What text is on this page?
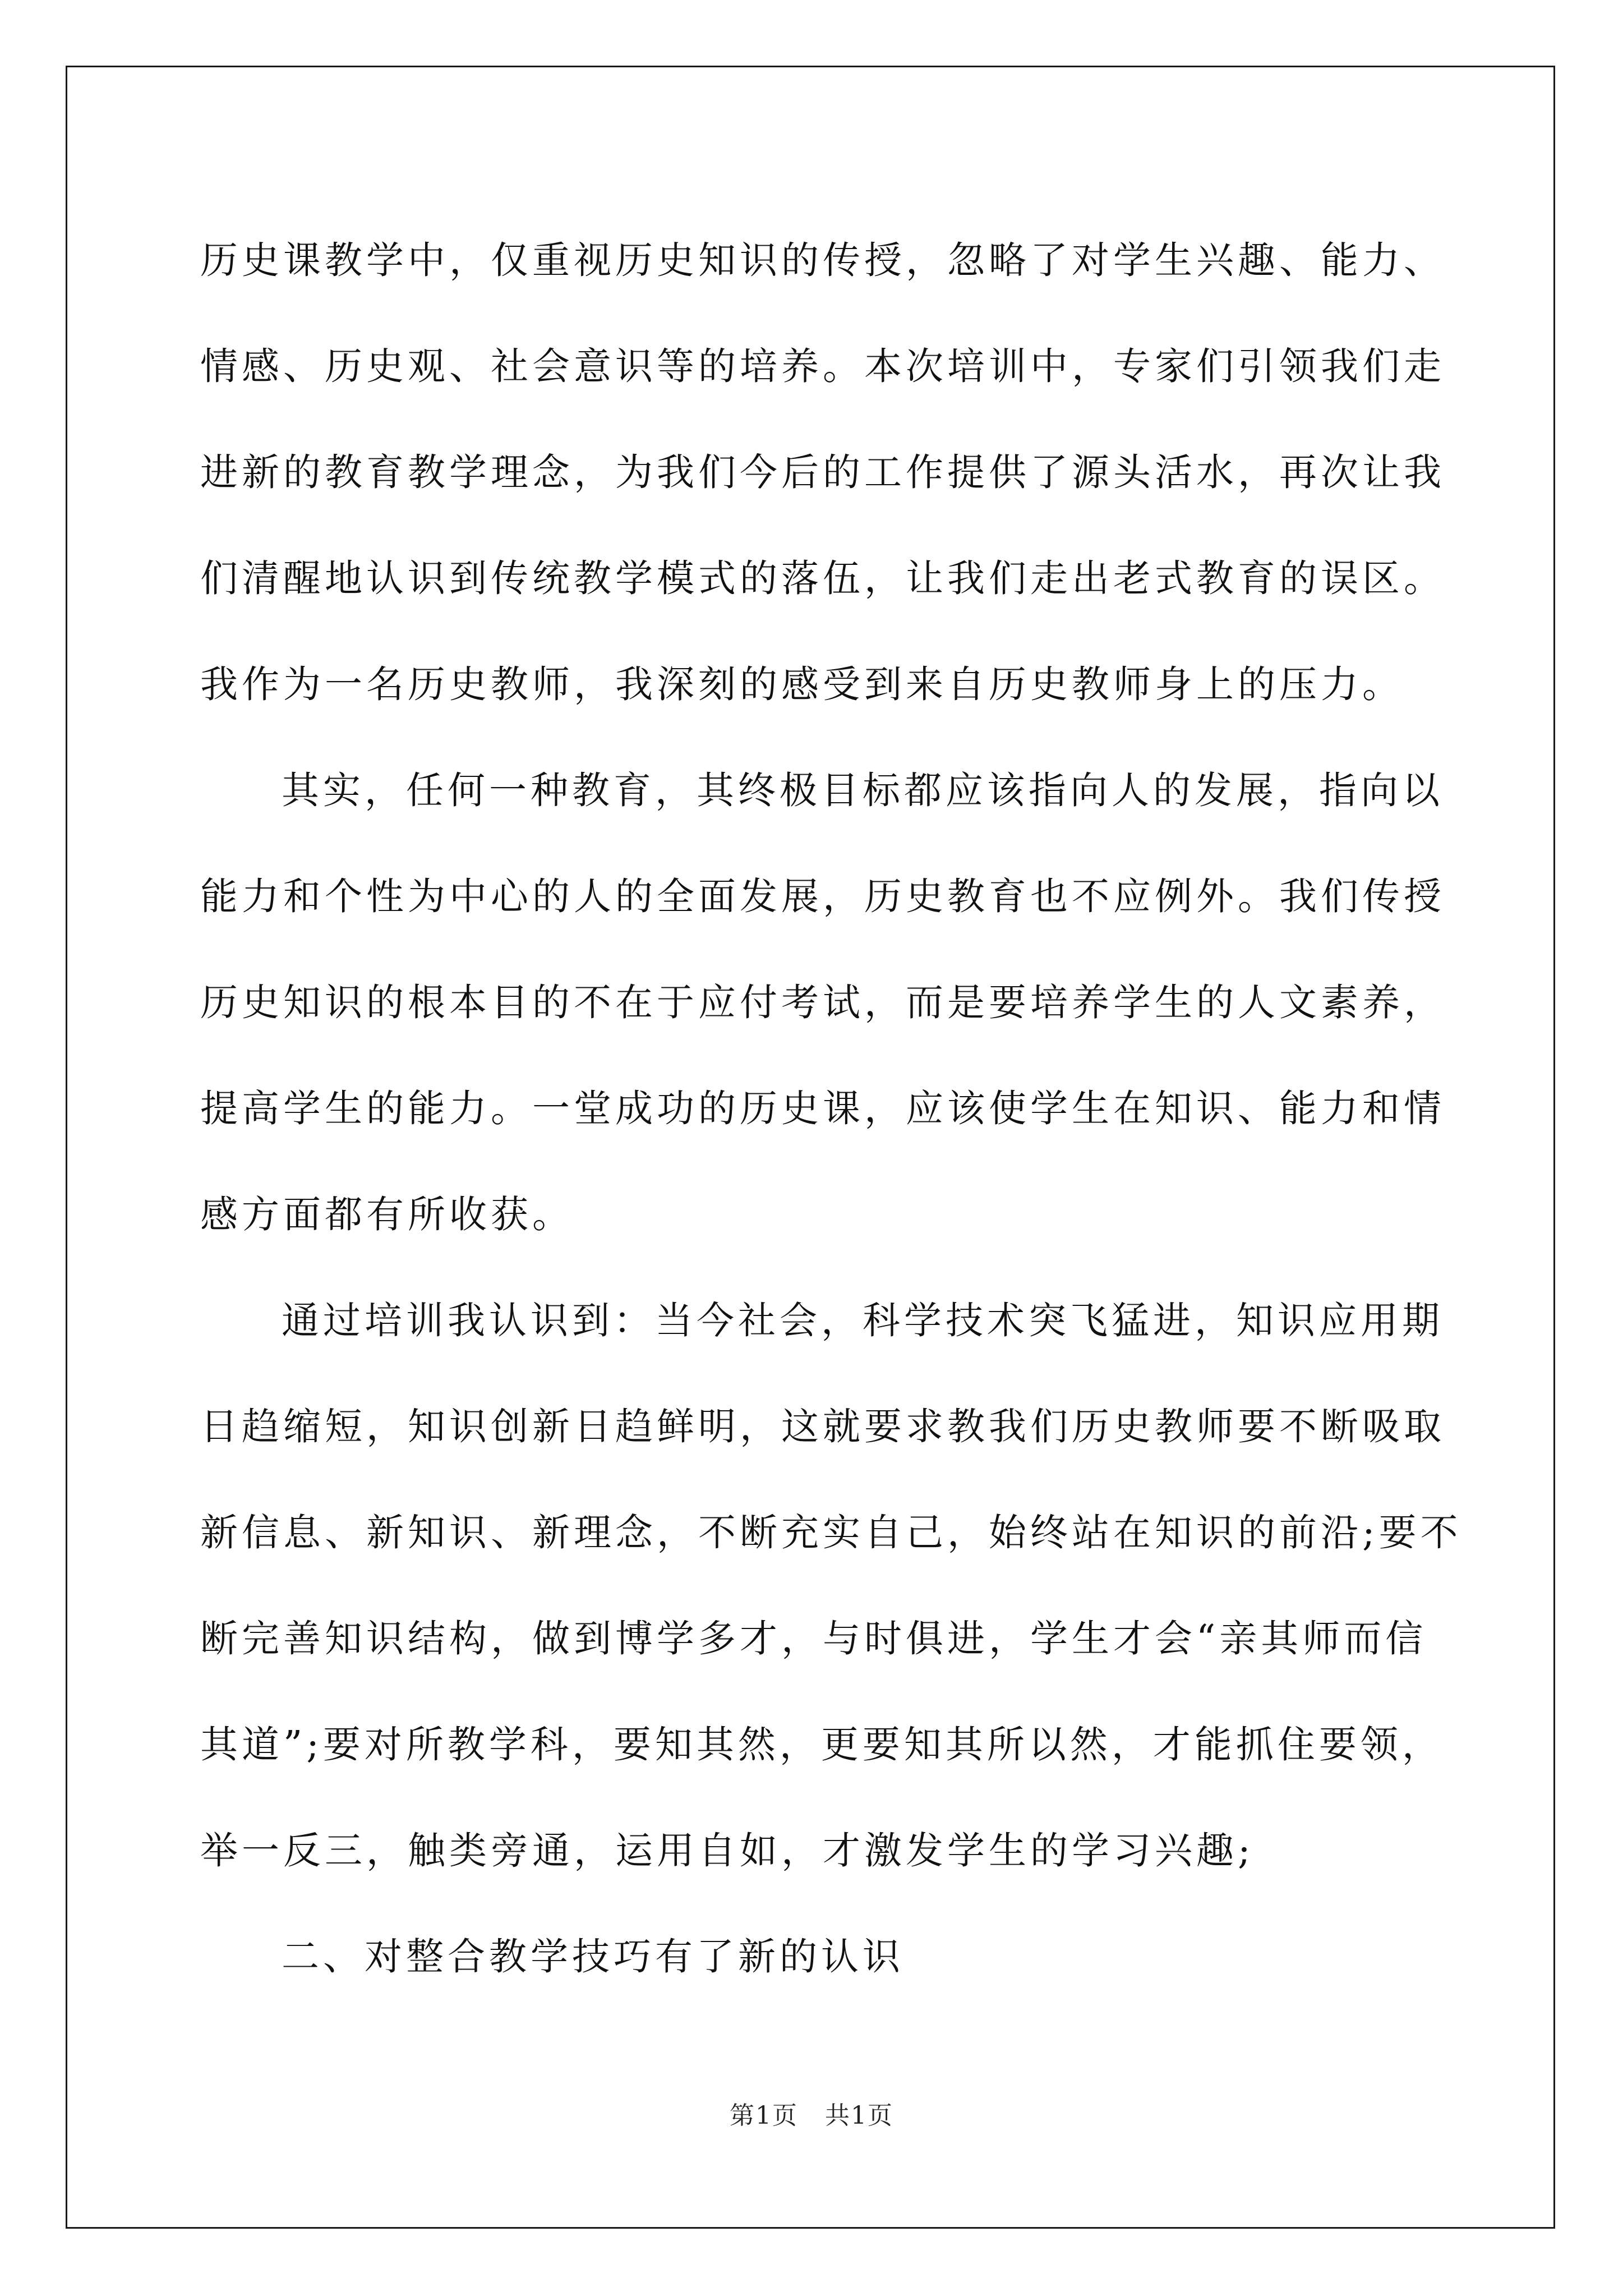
历史课教学中，仅重视历史知识的传授，忽略了对学生兴趣、能力、
情感、历史观、社会意识等的培养。本次培训中，专家们引领我们走
进新的教育教学理念，为我们今后的工作提供了源头活水，再次让我
们清醒地认识到传统教学模式的落伍，让我们走出老式教育的误区。
我作为一名历史教师，我深刻的感受到来自历史教师身上的压力。
其实，任何一种教育，其终极目标都应该指向人的发展，指向以
能力和个性为中心的人的全面发展，历史教育也不应例外。我们传授
历史知识的根本目的不在于应付考试，而是要培养学生的人文素养，
提高学生的能力。一堂成功的历史课，应该使学生在知识、能力和情
感方面都有所收获。
通过培训我认识到：当今社会，科学技术突飞猛进，知识应用期
日趋缩短，知识创新日趋鲜明，这就要求教我们历史教师要不断吸取
新信息、新知识、新理念，不断充实自己，始终站在知识的前沿;要不
断完善知识结构，做到博学多才，与时俱进，学生才会“亲其师而信
其道”;要对所教学科，要知其然，更要知其所以然，才能抓住要领，
举一反三，触类旁通，运用自如，才激发学生的学习兴趣;
二、对整合教学技巧有了新的认识
第1页 共1页
